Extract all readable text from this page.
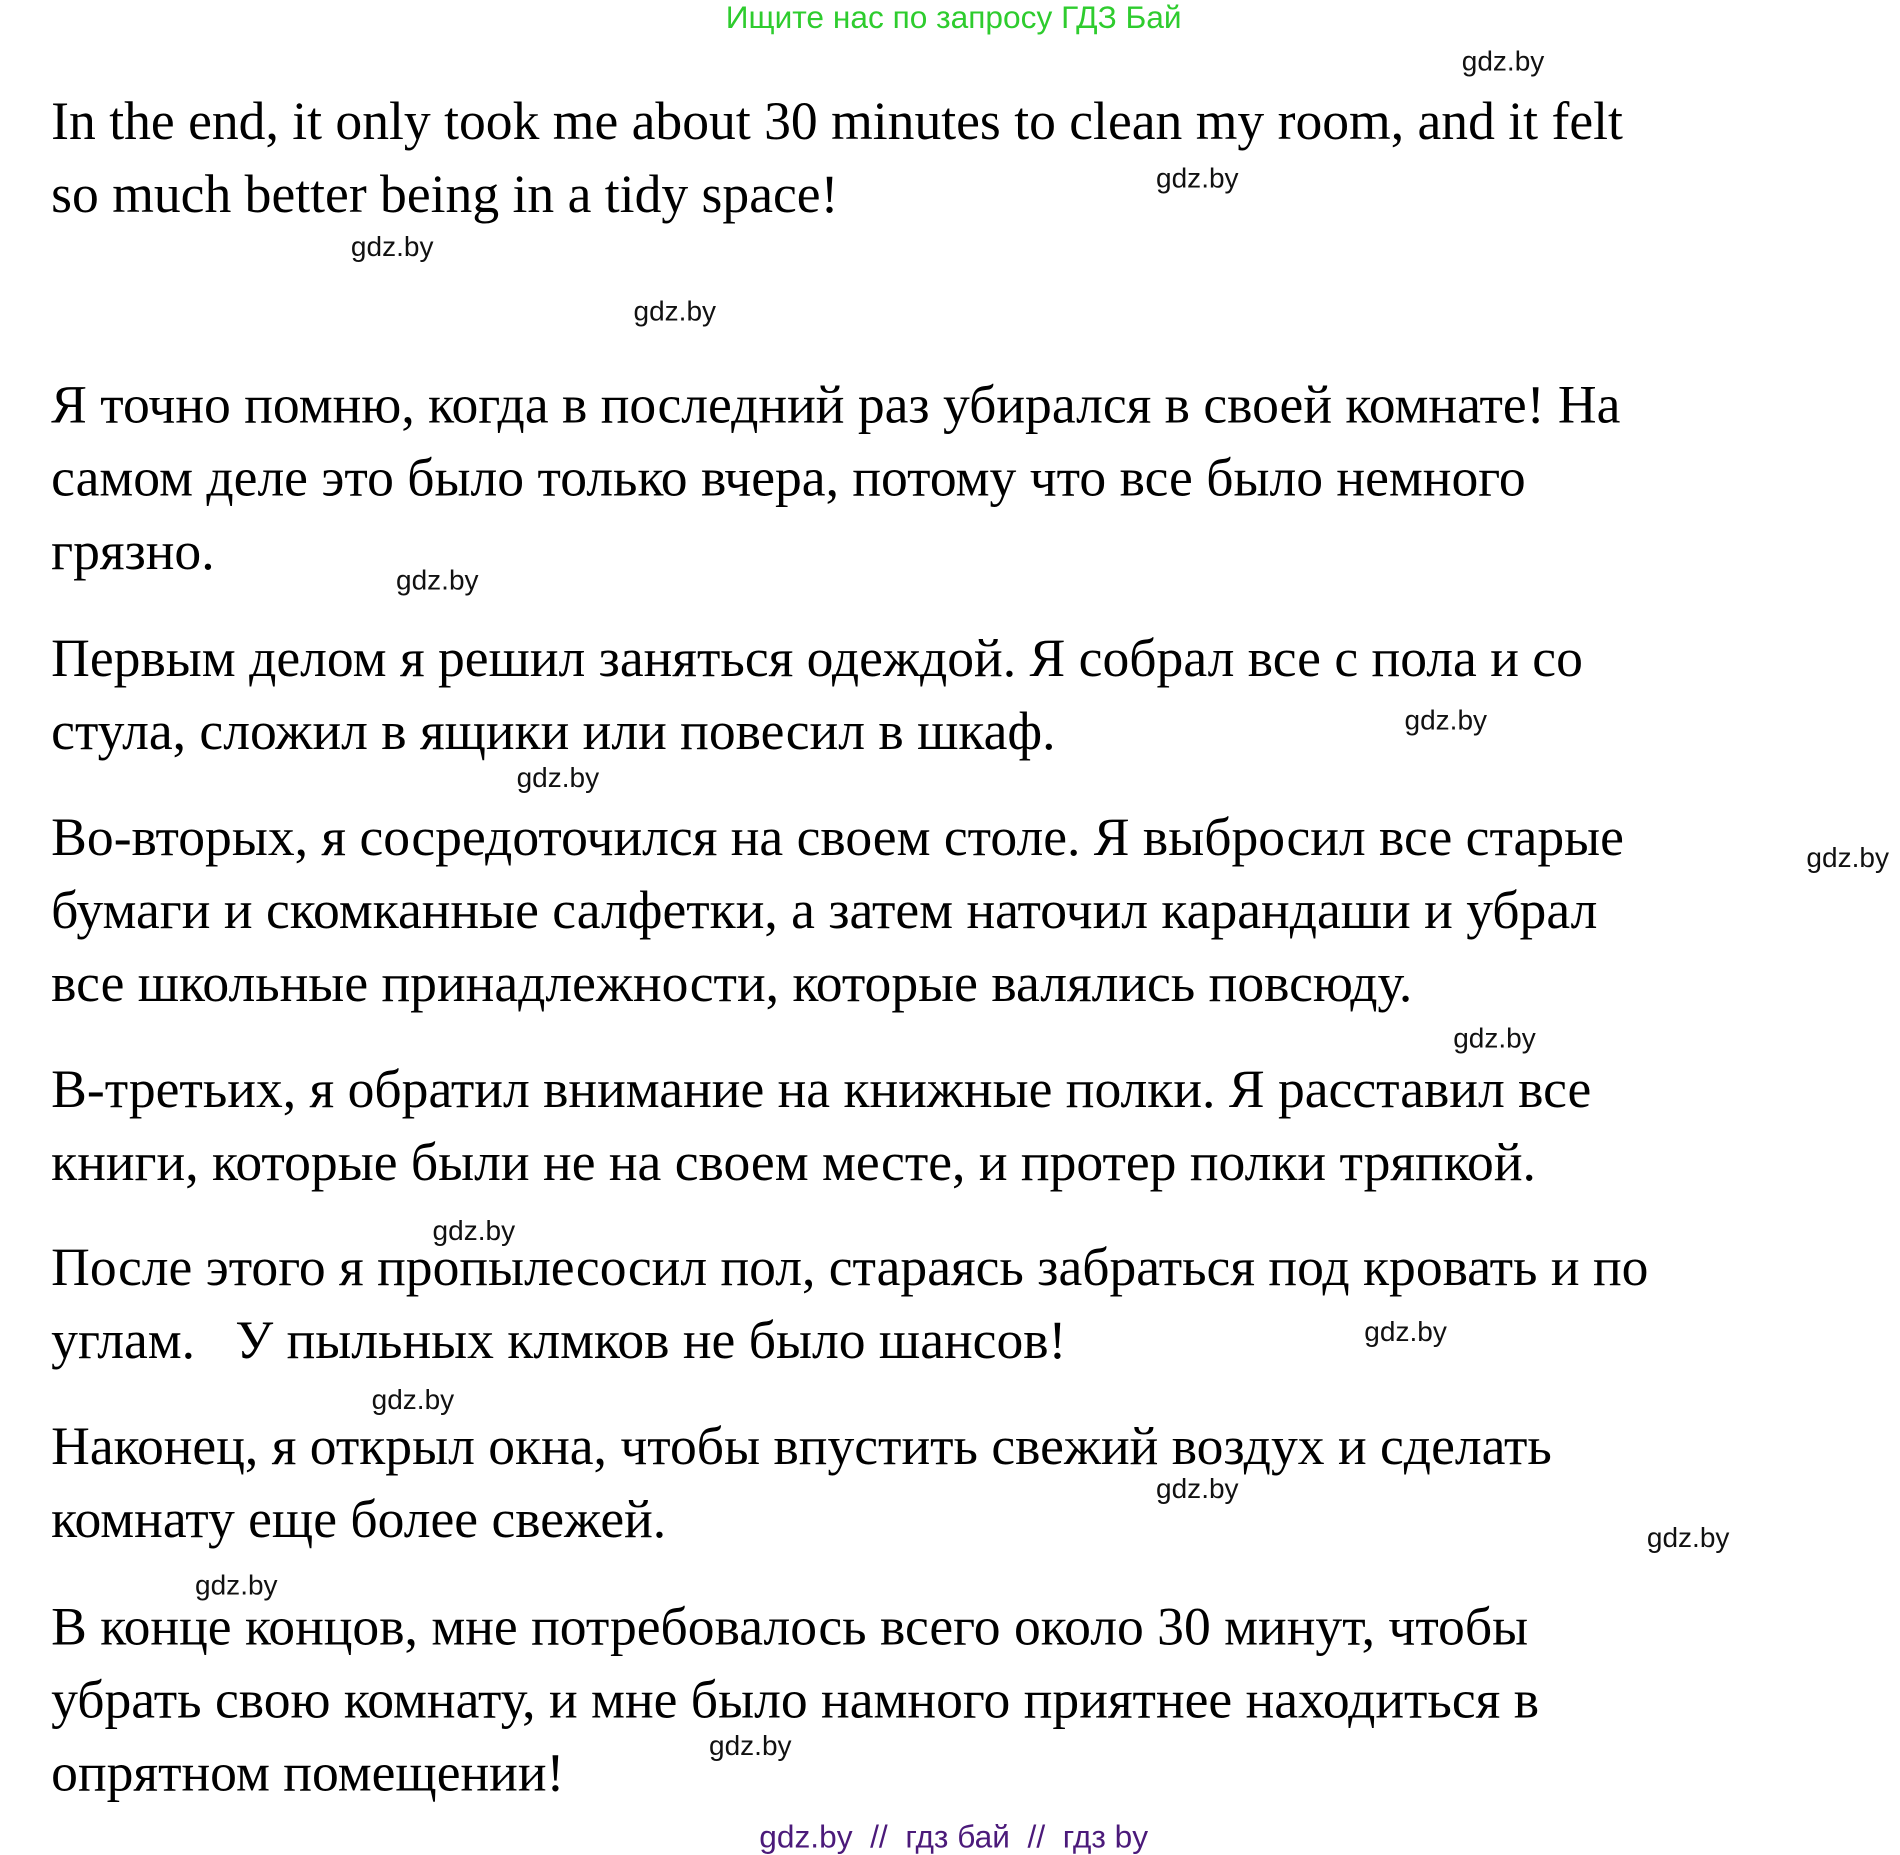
Ищите нас по запросу ГДЗ Бай
In the end, it only took me about 30 minutes to clean my room, and it felt
so much better being in a tidy space!
Я точно помню, когда в последний раз убирался в своей комнате! На
самом деле это было только вчера, потому что все было немного
грязно.
Первым делом я решил заняться одеждой. Я собрал все с пола и со
стула, сложил в ящики или повесил в шкаф.
Во-вторых, я сосредоточился на своем столе. Я выбросил все старые
бумаги и скомканные салфетки, а затем наточил карандаши и убрал
все школьные принадлежности, которые валялись повсюду.
В-третьих, я обратил внимание на книжные полки. Я расставил все
книги, которые были не на своем месте, и протер полки тряпкой.
После этого я пропылесосил пол, стараясь забраться под кровать и по
углам.   У пыльных клмков не было шансов!
Наконец, я открыл окна, чтобы впустить свежий воздух и сделать
комнату еще более свежей.
В конце концов, мне потребовалось всего около 30 минут, чтобы
убрать свою комнату, и мне было намного приятнее находиться в
опрятном помещении!
gdz.by
gdz.by
gdz.by
gdz.by
gdz.by
gdz.by
gdz.by
gdz.by
gdz.by
gdz.by
gdz.by
gdz.by
gdz.by
gdz.by
gdz.by
gdz.by
gdz.by  //  гдз бай  //  гдз by
